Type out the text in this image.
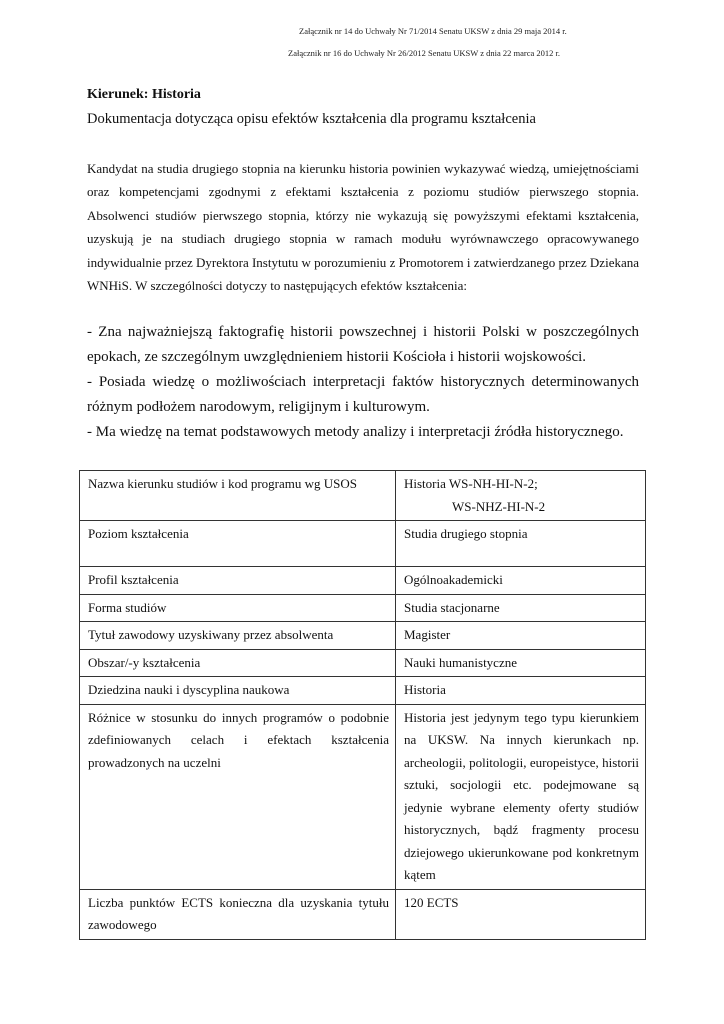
Załącznik nr 14 do Uchwały Nr 71/2014 Senatu UKSW z dnia 29 maja 2014 r.
Załącznik nr 16 do Uchwały Nr 26/2012 Senatu UKSW z dnia 22 marca 2012 r.
Kierunek: Historia
Dokumentacja dotycząca opisu efektów kształcenia dla programu kształcenia

Kandydat na studia drugiego stopnia na kierunku historia powinien wykazywać wiedzą, umiejętnościami oraz kompetencjami zgodnymi z efektami kształcenia z poziomu studiów pierwszego stopnia. Absolwenci studiów pierwszego stopnia, którzy nie wykazują się powyższymi efektami kształcenia, uzyskują je na studiach drugiego stopnia w ramach modułu wyrównawczego opracowywanego indywidualnie przez Dyrektora Instytutu w porozumieniu z Promotorem i zatwierdzanego przez Dziekana WNHiS. W szczególności dotyczy to następujących efektów kształcenia:

- Zna najważniejszą faktografię historii powszechnej i historii Polski w poszczególnych epokach, ze szczególnym uwzględnieniem historii Kościoła i historii wojskowości.

- Posiada wiedzę o możliwościach interpretacji faktów historycznych determinowanych różnym podłożem narodowym, religijnym i kulturowym.

- Ma wiedzę na temat podstawowych metody analizy i interpretacji źródła historycznego.

Nazwa kierunku studiów i kod programu wg USOS	Historia WS-NH-HI-N-2;
WS-NHZ-HI-N-2

Poziom kształcenia	Studia drugiego stopnia
Profil kształcenia	Ogólnoakademicki
Forma studiów	Studia stacjonarne
Tytuł zawodowy uzyskiwany przez absolwenta	Magister
Obszar/-y kształcenia	Nauki humanistyczne
Dziedzina nauki i dyscyplina naukowa	Historia
Różnice w stosunku do innych programów o podobnie zdefiniowanych celach i efektach kształcenia prowadzonych na uczelni	Historia jest jedynym tego typu kierunkiem na UKSW. Na innych kierunkach np. archeologii, politologii, europeistyce, historii sztuki, socjologii etc. podejmowane są jedynie wybrane elementy oferty studiów historycznych, bądź fragmenty procesu dziejowego ukierunkowane pod konkretnym kątem
Liczba punktów ECTS konieczna dla uzyskania tytułu zawodowego	120 ECTS
